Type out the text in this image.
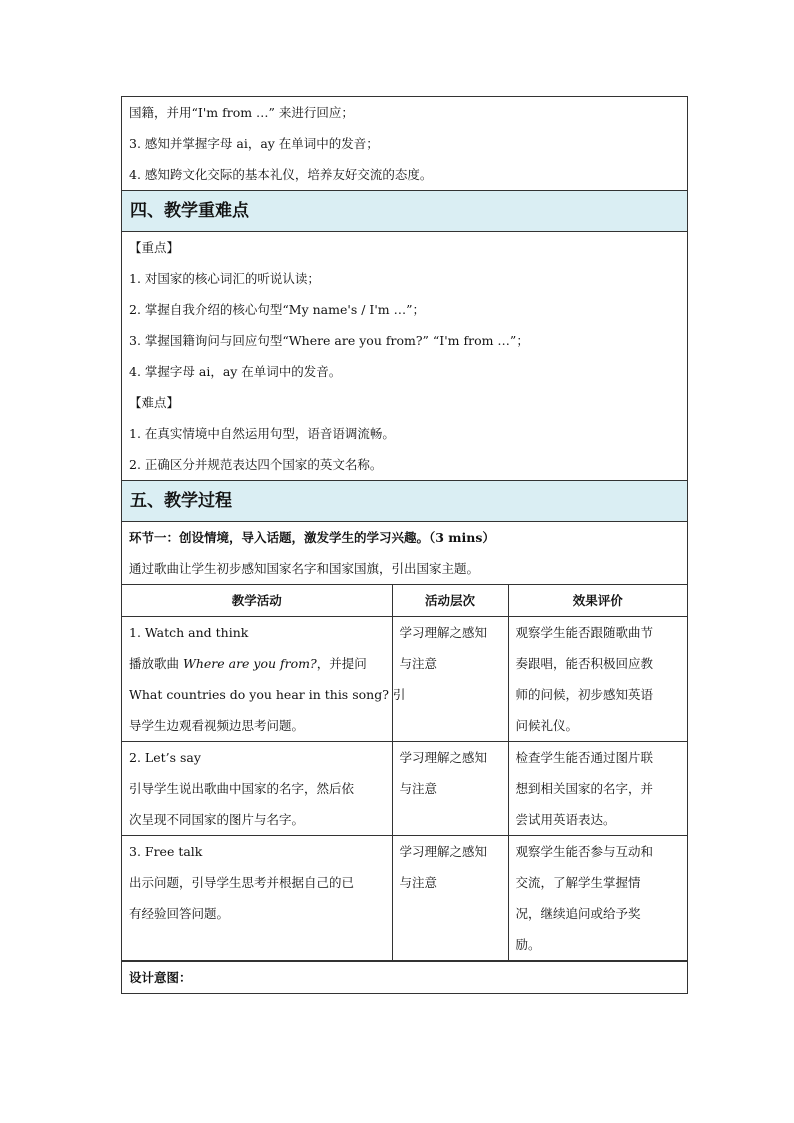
国籍，并用“I'm from …” 来进行回应；
3. 感知并掌握字母 ai，ay 在单词中的发音；
4. 感知跨文化交际的基本礼仪，培养友好交流的态度。
四、教学重难点
【重点】
1. 对国家的核心词汇的听说认读；
2. 掌握自我介绍的核心句型“My name's / I'm …”；
3. 掌握国籍询问与回应句型“Where are you from?” “I'm from …”；
4. 掌握字母 ai，ay 在单词中的发音。
【难点】
1. 在真实情境中自然运用句型，语音语调流畅。
2. 正确区分并规范表达四个国家的英文名称。
五、教学过程
环节一：创设情境，导入话题，激发学生的学习兴趣。（3 mins）
通过歌曲让学生初步感知国家名字和国家国旗，引出国家主题。
教学活动	活动层次	效果评价

1. Watch and think
播放歌曲 Where are you from?，并提问
What countries do you hear in this song? 引
导学生边观看视频边思考问题。	学习理解之感知
与注意	观察学生能否跟随歌曲节
奏跟唱，能否积极回应教
师的问候，初步感知英语
问候礼仪。

2. Let’s say
引导学生说出歌曲中国家的名字，然后依
次呈现不同国家的图片与名字。	学习理解之感知
与注意	检查学生能否通过图片联
想到相关国家的名字，并
尝试用英语表达。

3. Free talk
出示问题，引导学生思考并根据自己的已
有经验回答问题。	学习理解之感知
与注意	观察学生能否参与互动和
交流，了解学生掌握情
况，继续追问或给予奖
励。
设计意图：
